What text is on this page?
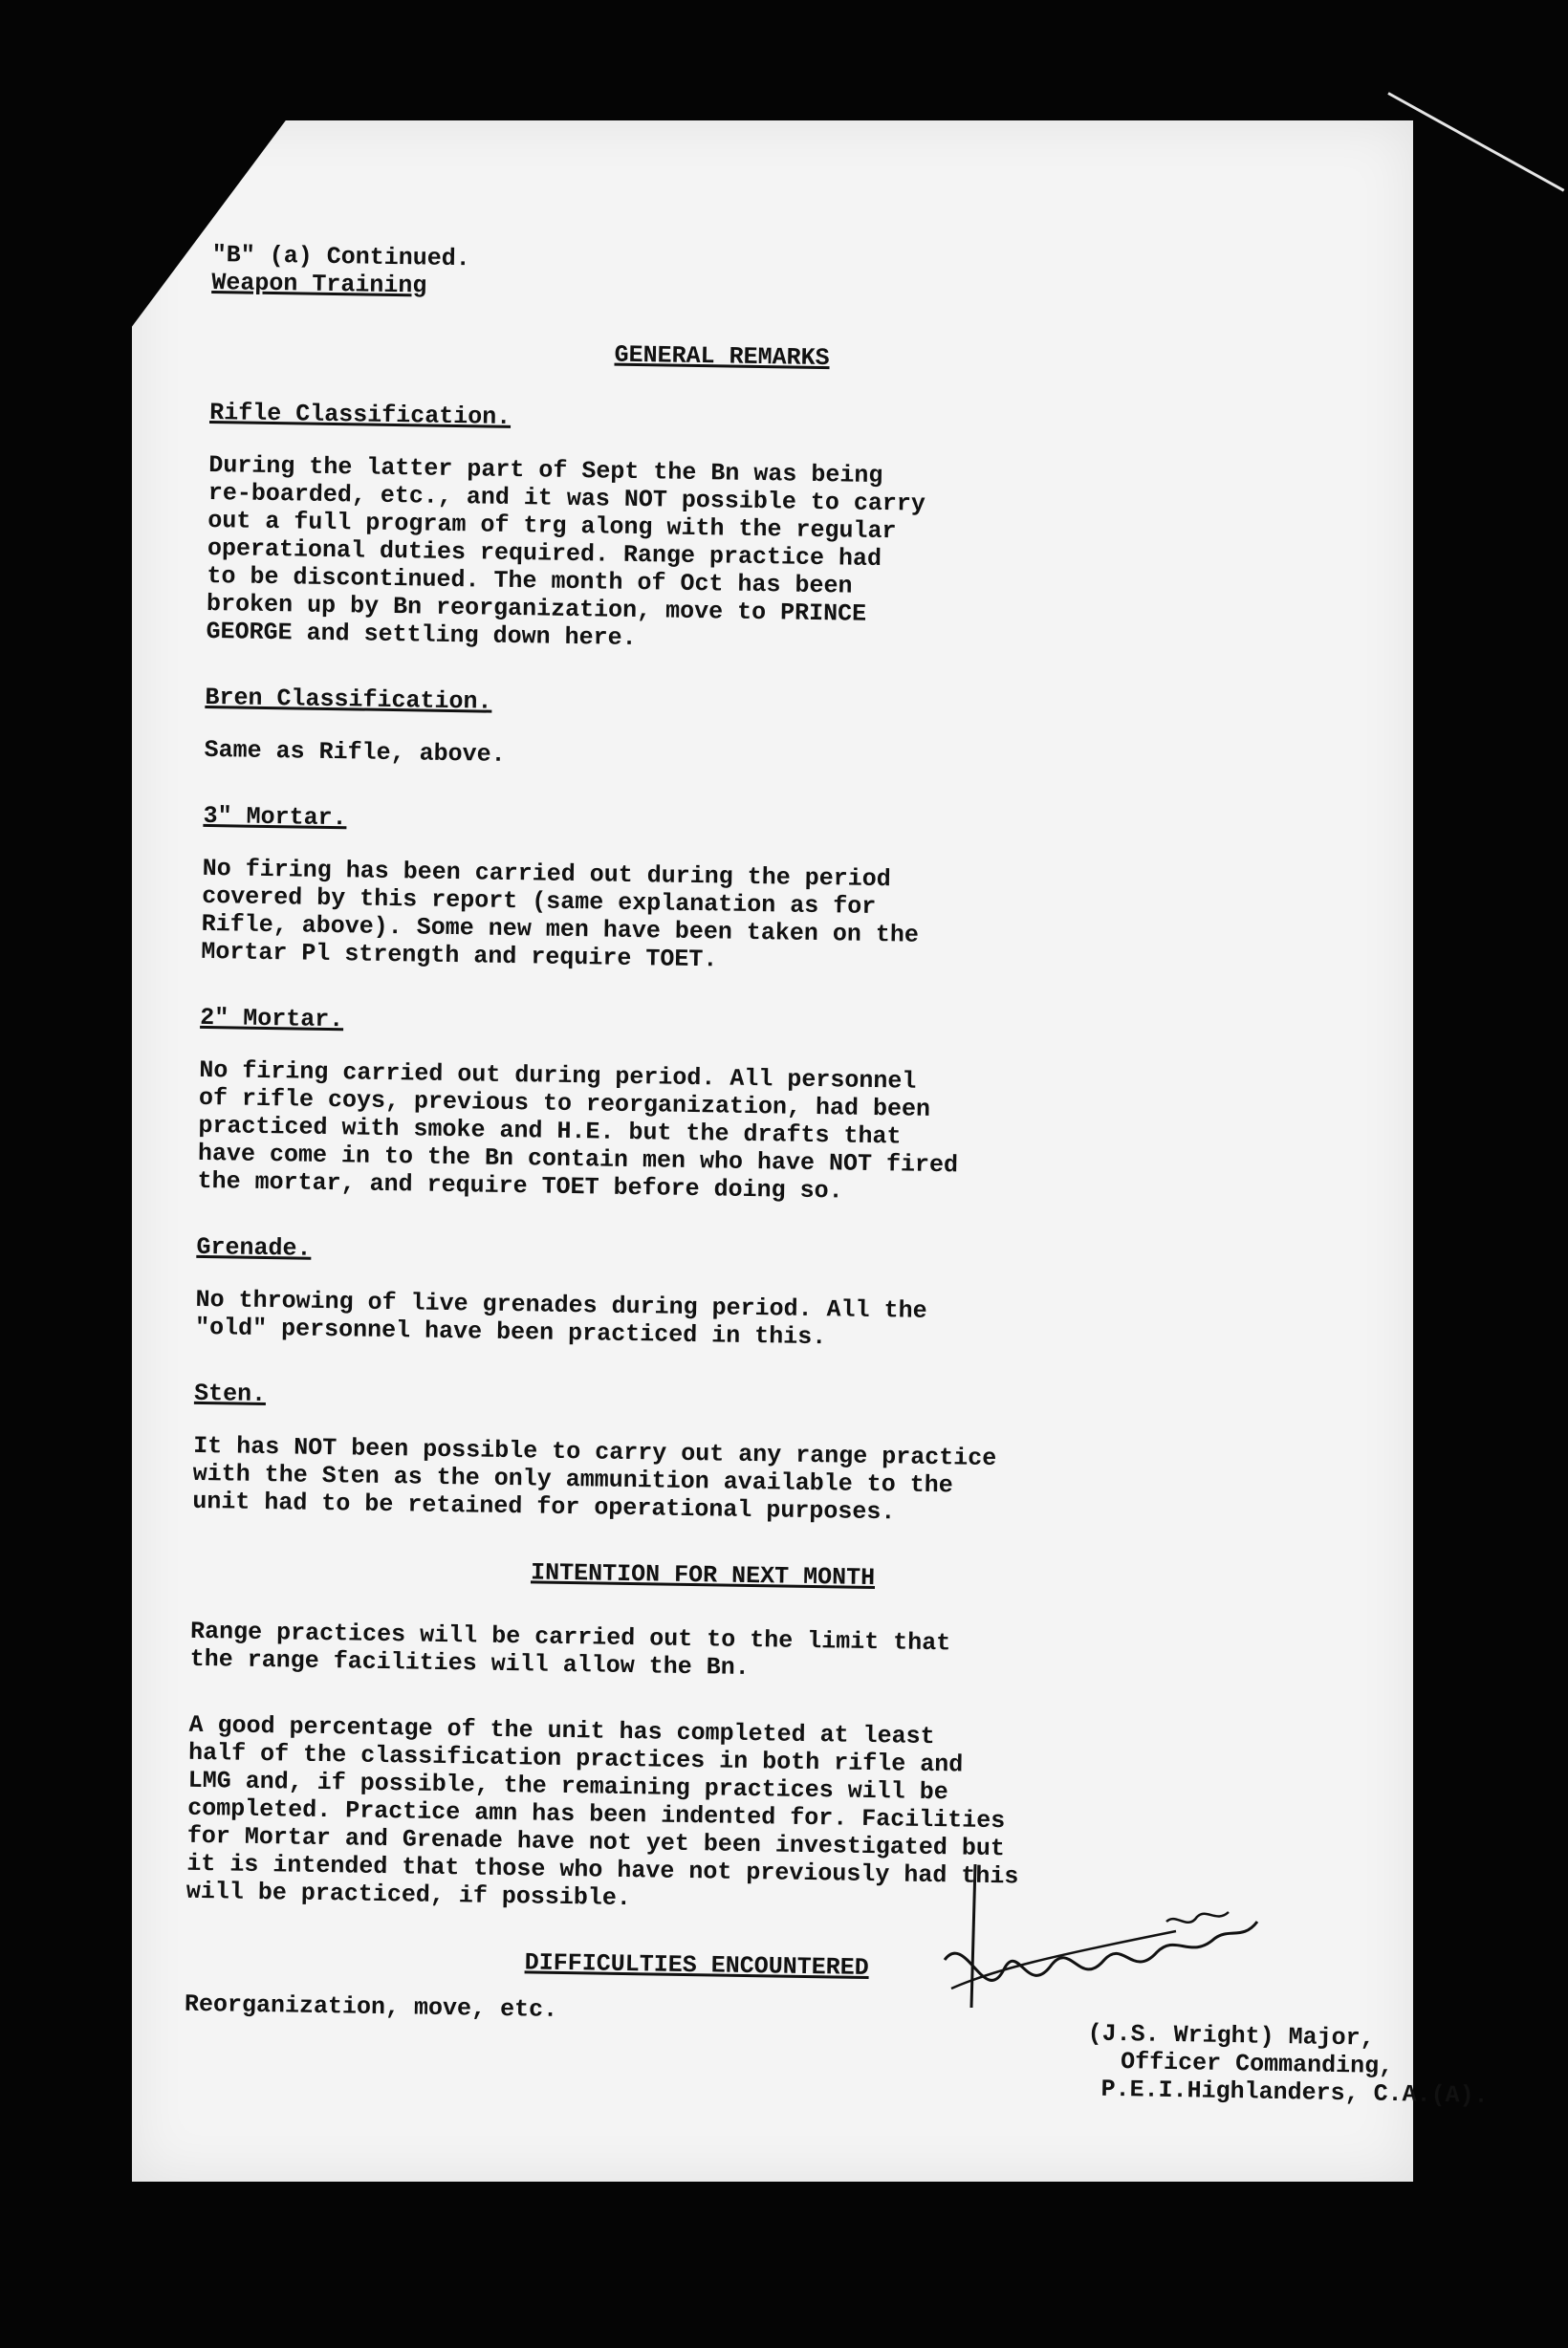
"B" (a) Continued.

Weapon Training

GENERAL REMARKS

Rifle Classification.

During the latter part of Sept the Bn was being
re-boarded, etc., and it was NOT possible to carry
out a full program of trg along with the regular
operational duties required. Range practice had
to be discontinued. The month of Oct has been
broken up by Bn reorganization, move to PRINCE
GEORGE and settling down here.

Bren Classification.

Same as Rifle, above.

3" Mortar.

No firing has been carried out during the period
covered by this report (same explanation as for
Rifle, above). Some new men have been taken on the
Mortar Pl strength and require TOET.

2" Mortar.

No firing carried out during period. All personnel
of rifle coys, previous to reorganization, had been
practiced with smoke and H.E. but the drafts that
have come in to the Bn contain men who have NOT fired
the mortar, and require TOET before doing so.

Grenade.

No throwing of live grenades during period. All the
"old" personnel have been practiced in this.

Sten.

It has NOT been possible to carry out any range practice
with the Sten as the only ammunition available to the
unit had to be retained for operational purposes.

INTENTION FOR NEXT MONTH

Range practices will be carried out to the limit that
the range facilities will allow the Bn.

A good percentage of the unit has completed at least
half of the classification practices in both rifle and
LMG and, if possible, the remaining practices will be
completed. Practice amn has been indented for. Facilities
for Mortar and Grenade have not yet been investigated but
it is intended that those who have not previously had this
will be practiced, if possible.

DIFFICULTIES ENCOUNTERED

Reorganization, move, etc.

(J.S. Wright) Major,
Officer Commanding,
P.E.I.Highlanders, C.A.(A).
